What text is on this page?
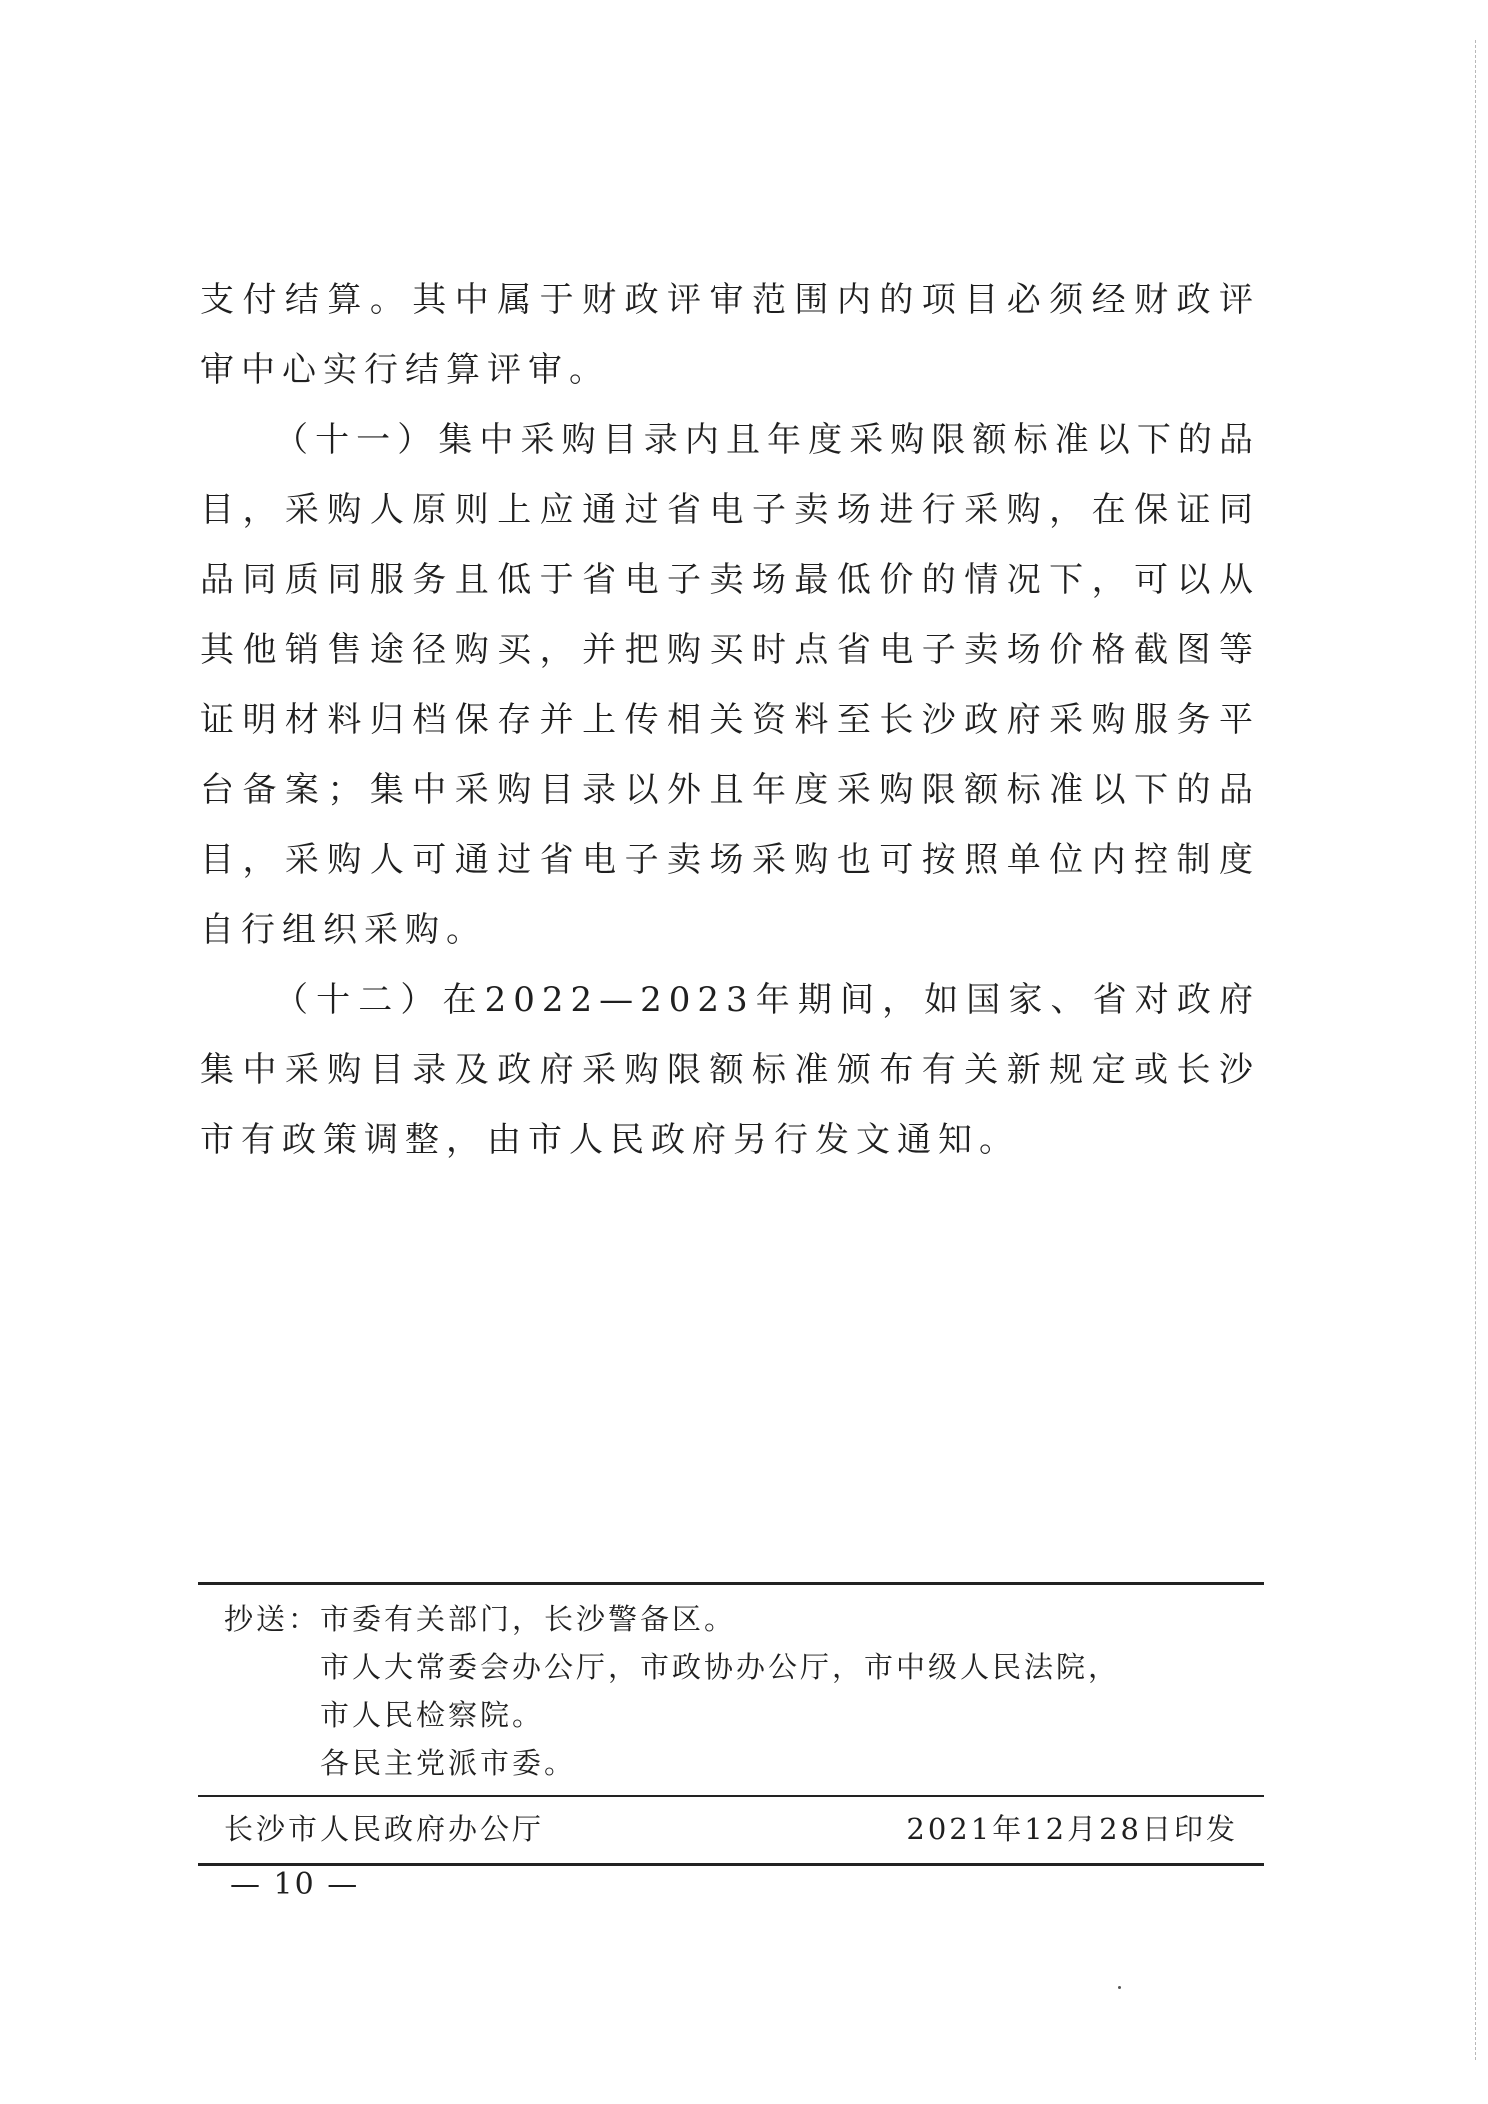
支付结算。其中属于财政评审范围内的项目必须经财政评审中心实行结算评审。

（十一）集中采购目录内且年度采购限额标准以下的品目，采购人原则上应通过省电子卖场进行采购，在保证同品同质同服务且低于省电子卖场最低价的情况下，可以从其他销售途径购买，并把购买时点省电子卖场价格截图等证明材料归档保存并上传相关资料至长沙政府采购服务平台备案；集中采购目录以外且年度采购限额标准以下的品目，采购人可通过省电子卖场采购也可按照单位内控制度自行组织采购。

（十二）在2022—2023年期间，如国家、省对政府集中采购目录及政府采购限额标准颁布有关新规定或长沙市有政策调整，由市人民政府另行发文通知。

抄送： 市委有关部门，长沙警备区。
市人大常委会办公厅，市政协办公厅，市中级人民法院，
市人民检察院。
各民主党派市委。
长沙市人民政府办公厅	2021年12月28日印发
— 10 —
